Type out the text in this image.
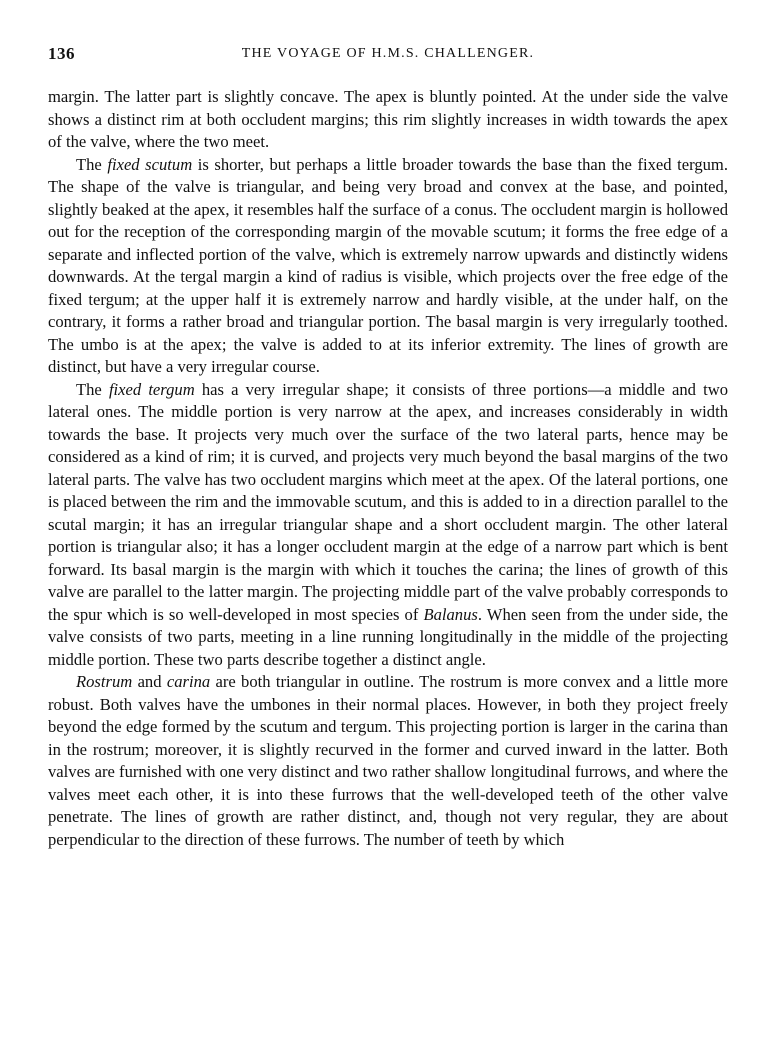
136	THE VOYAGE OF H.M.S. CHALLENGER.

margin. The latter part is slightly concave. The apex is bluntly pointed. At the under side the valve shows a distinct rim at both occludent margins; this rim slightly increases in width towards the apex of the valve, where the two meet.

The fixed scutum is shorter, but perhaps a little broader towards the base than the fixed tergum. The shape of the valve is triangular, and being very broad and convex at the base, and pointed, slightly beaked at the apex, it resembles half the surface of a conus. The occludent margin is hollowed out for the reception of the corresponding margin of the movable scutum; it forms the free edge of a separate and inflected portion of the valve, which is extremely narrow upwards and distinctly widens downwards. At the tergal margin a kind of radius is visible, which projects over the free edge of the fixed tergum; at the upper half it is extremely narrow and hardly visible, at the under half, on the contrary, it forms a rather broad and triangular portion. The basal margin is very irregularly toothed. The umbo is at the apex; the valve is added to at its inferior extremity. The lines of growth are distinct, but have a very irregular course.

The fixed tergum has a very irregular shape; it consists of three portions—a middle and two lateral ones. The middle portion is very narrow at the apex, and increases considerably in width towards the base. It projects very much over the surface of the two lateral parts, hence may be considered as a kind of rim; it is curved, and projects very much beyond the basal margins of the two lateral parts. The valve has two occludent margins which meet at the apex. Of the lateral portions, one is placed between the rim and the immovable scutum, and this is added to in a direction parallel to the scutal margin; it has an irregular triangular shape and a short occludent margin. The other lateral portion is triangular also; it has a longer occludent margin at the edge of a narrow part which is bent forward. Its basal margin is the margin with which it touches the carina; the lines of growth of this valve are parallel to the latter margin. The projecting middle part of the valve probably corresponds to the spur which is so well-developed in most species of Balanus. When seen from the under side, the valve consists of two parts, meeting in a line running longitudinally in the middle of the projecting middle portion. These two parts describe together a distinct angle.

Rostrum and carina are both triangular in outline. The rostrum is more convex and a little more robust. Both valves have the umbones in their normal places. However, in both they project freely beyond the edge formed by the scutum and tergum. This projecting portion is larger in the carina than in the rostrum; moreover, it is slightly recurved in the former and curved inward in the latter. Both valves are furnished with one very distinct and two rather shallow longitudinal furrows, and where the valves meet each other, it is into these furrows that the well-developed teeth of the other valve penetrate. The lines of growth are rather distinct, and, though not very regular, they are about perpendicular to the direction of these furrows. The number of teeth by which
